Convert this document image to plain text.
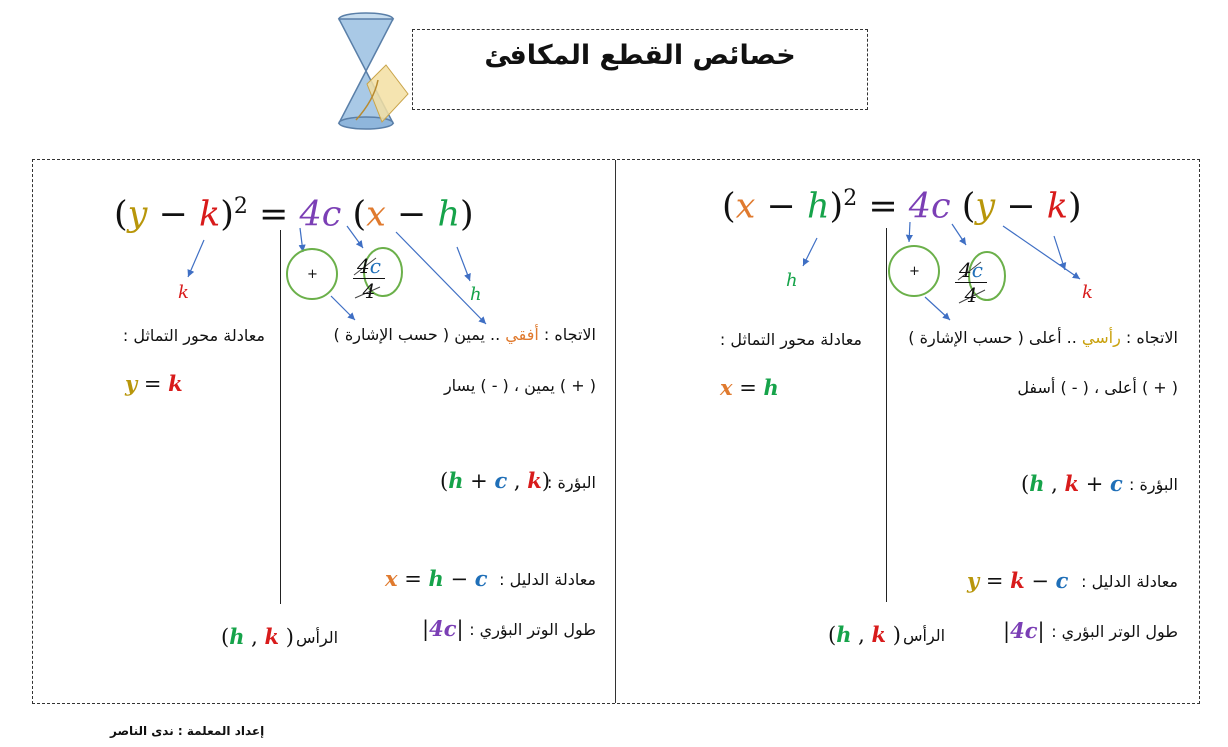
خصائص القطع المكافئ
$(x - h)^2 = 4c$ (y − k)
h
k
+ $\frac{4c}{4}$
الاتجاه : رأسي .. أعلى ( حسب الإشارة )
( + ) أعلى ، ( - ) أسفل
معادلة محور التماثل :
x = h
البؤرة :
(h , k + c
معادلة الدليل :
y = k − c
طول الوتر البؤري :
|4c|
(h , k ) الرأس
$(y - k)^2 = 4c$ (x − h)
k	h
+ $\frac{4c}{4}$
الاتجاه : أفقي .. يمين ( حسب الإشارة )
( + ) يمين ، ( - ) يسار
معادلة محور التماثل :
y = k
البؤرة :
(h + c , k)
معادلة الدليل :
x = h − c
طول الوتر البؤري :
|4c|
(h , k ) الرأس
إعداد المعلمة : ندى الناصر
